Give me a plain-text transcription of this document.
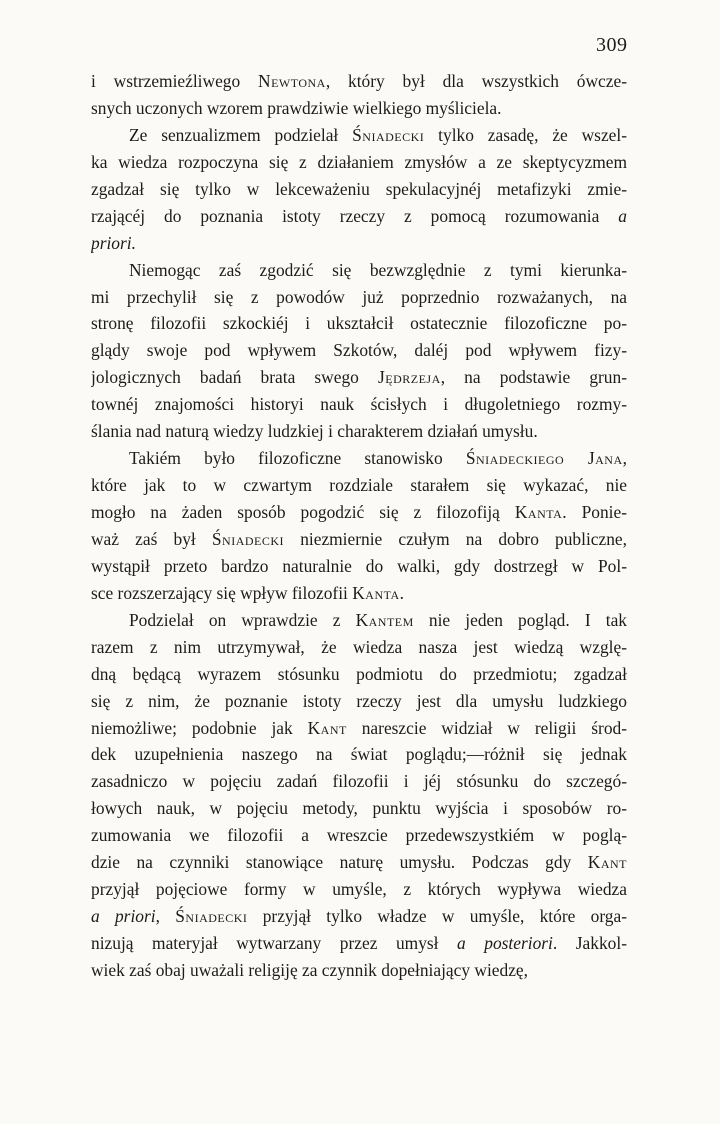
309
i wstrzemieźliwego Newtona, który był dla wszystkich ówcze-
snych uczonych wzorem prawdziwie wielkiego myśliciela.
Ze senzualizmem podzielał Śniadecki tylko zasadę, że wszel-
ka wiedza rozpoczyna się z działaniem zmysłów a ze skeptycyzmem
zgadzał się tylko w lekceważeniu spekulacyjnéj metafizyki zmie-
rzającéj do poznania istoty rzeczy z pomocą rozumowania a
priori.
Niemogąc zaś zgodzić się bezwzględnie z tymi kierunka-
mi przechylił się z powodów już poprzednio rozważanych, na
stronę filozofii szkockiéj i ukształcił ostatecznie filozoficzne po-
glądy swoje pod wpływem Szkotów, daléj pod wpływem fizy-
jologicznych badań brata swego Jędrzeja, na podstawie grun-
townéj znajomości historyi nauk ścisłych i długoletniego rozmy-
ślania nad naturą wiedzy ludzkiej i charakterem działań umysłu.
Takiém było filozoficzne stanowisko Śniadeckiego Jana,
które jak to w czwartym rozdziale starałem się wykazać, nie
mogło na żaden sposób pogodzić się z filozofiją Kanta. Ponie-
waż zaś był Śniadecki niezmiernie czułym na dobro publiczne,
wystąpił przeto bardzo naturalnie do walki, gdy dostrzegł w Pol-
sce rozszerzający się wpływ filozofii Kanta.
Podzielał on wprawdzie z Kantem nie jeden pogląd. I tak
razem z nim utrzymywał, że wiedza nasza jest wiedzą wzglę-
dną będącą wyrazem stósunku podmiotu do przedmiotu; zgadzał
się z nim, że poznanie istoty rzeczy jest dla umysłu ludzkiego
niemożliwe; podobnie jak Kant nareszcie widział w religii środ-
dek uzupełnienia naszego na świat poglądu;—różnił się jednak
zasadniczo w pojęciu zadań filozofii i jéj stósunku do szczegó-
łowych nauk, w pojęciu metody, punktu wyjścia i sposobów ro-
zumowania we filozofii a wreszcie przedewszystkiém w poglą-
dzie na czynniki stanowiące naturę umysłu. Podczas gdy Kant
przyjął pojęciowe formy w umyśle, z których wypływa wiedza
a priori, Śniadecki przyjął tylko władze w umyśle, które orga-
nizują materyjał wytwarzany przez umysł a posteriori. Jakkol-
wiek zaś obaj uważali religiję za czynnik dopełniający wiedzę,
